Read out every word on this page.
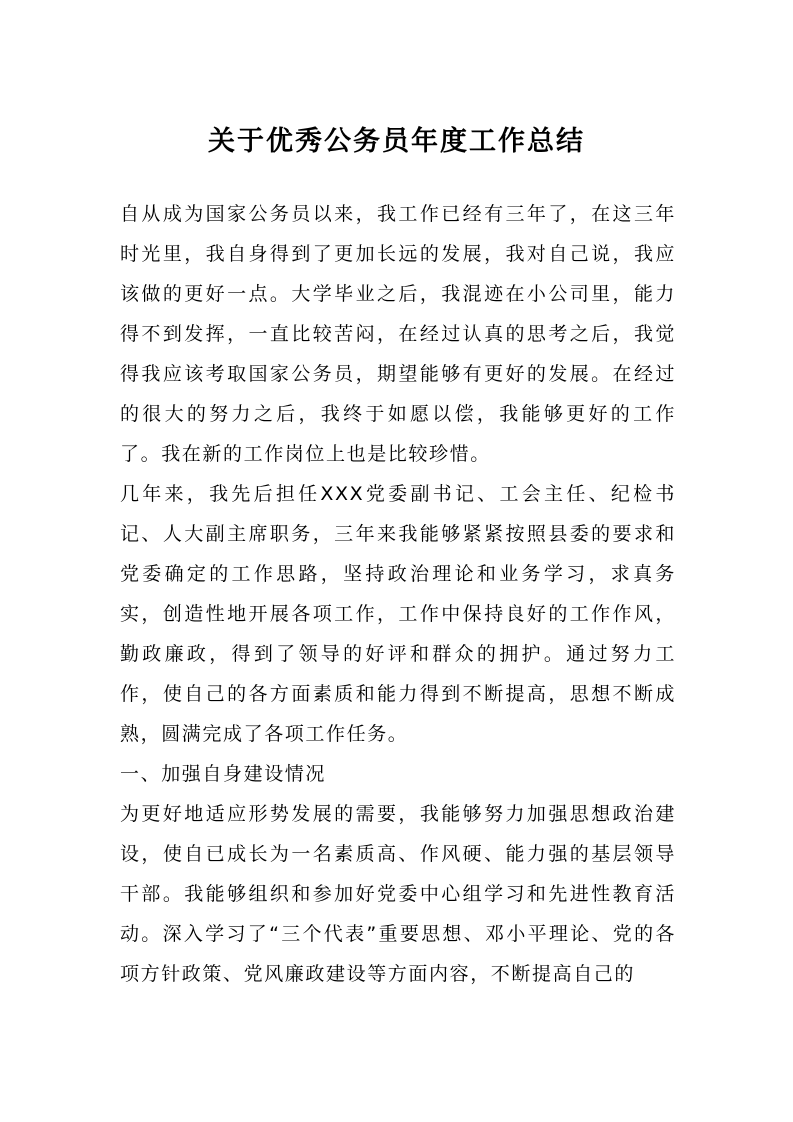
关于优秀公务员年度工作总结

自从成为国家公务员以来，我工作已经有三年了，在这三年时光里，我自身得到了更加长远的发展，我对自己说，我应该做的更好一点。大学毕业之后，我混迹在小公司里，能力得不到发挥，一直比较苦闷，在经过认真的思考之后，我觉得我应该考取国家公务员，期望能够有更好的发展。在经过的很大的努力之后，我终于如愿以偿，我能够更好的工作了。我在新的工作岗位上也是比较珍惜。

几年来，我先后担任XXX党委副书记、工会主任、纪检书记、人大副主席职务，三年来我能够紧紧按照县委的要求和党委确定的工作思路，坚持政治理论和业务学习，求真务实，创造性地开展各项工作，工作中保持良好的工作作风，勤政廉政，得到了领导的好评和群众的拥护。通过努力工作，使自己的各方面素质和能力得到不断提高，思想不断成熟，圆满完成了各项工作任务。

一、加强自身建设情况

为更好地适应形势发展的需要，我能够努力加强思想政治建设，使自已成长为一名素质高、作风硬、能力强的基层领导干部。我能够组织和参加好党委中心组学习和先进性教育活动。深入学习了“三个代表”重要思想、邓小平理论、党的各项方针政策、党风廉政建设等方面内容，不断提高自己的
